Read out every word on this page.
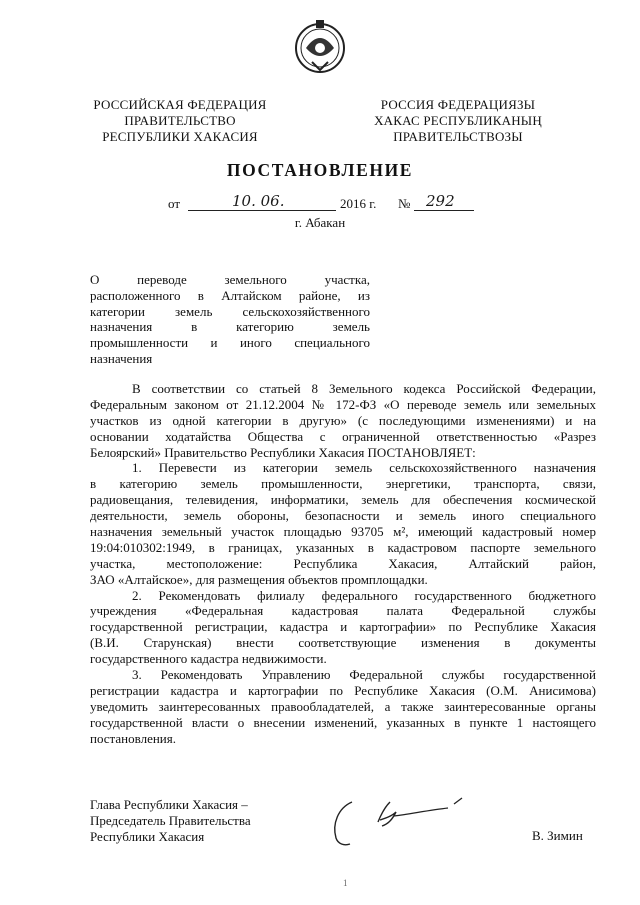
РОССИЙСКАЯ ФЕДЕРАЦИЯ
ПРАВИТЕЛЬСТВО
РЕСПУБЛИКИ ХАКАСИЯ
РОССИЯ ФЕДЕРАЦИЯЗЫ
ХАКАС РЕСПУБЛИКАНЫҢ
ПРАВИТЕЛЬСТВОЗЫ
ПОСТАНОВЛЕНИЕ
от	10. 06.	2016 г. № 292
г. Абакан
О переводе земельного участка,
расположенного в Алтайском районе, из
категории земель сельскохозяйственного
назначения в категорию земель
промышленности и иного специального
назначения
В соответствии со статьей 8 Земельного кодекса Российской Федерации,
Федеральным законом от 21.12.2004 № 172-ФЗ «О переводе земель или земельных
участков из одной категории в другую» (с последующими изменениями) и на
основании ходатайства Общества с ограниченной ответственностью «Разрез
Белоярский» Правительство Республики Хакасия ПОСТАНОВЛЯЕТ:
1. Перевести из категории земель сельскохозяйственного назначения
в категорию земель промышленности, энергетики, транспорта, связи,
радиовещания, телевидения, информатики, земель для обеспечения космической
деятельности, земель обороны, безопасности и земель иного специального
назначения земельный участок площадью 93705 м², имеющий кадастровый номер
19:04:010302:1949, в границах, указанных в кадастровом паспорте земельного
участка, местоположение: Республика Хакасия, Алтайский район,
ЗАО «Алтайское», для размещения объектов промплощадки.
2. Рекомендовать филиалу федерального государственного бюджетного
учреждения «Федеральная кадастровая палата Федеральной службы
государственной регистрации, кадастра и картографии» по Республике Хакасия
(В.И. Старунская) внести соответствующие изменения в документы
государственного кадастра недвижимости.
3. Рекомендовать Управлению Федеральной службы государственной
регистрации кадастра и картографии по Республике Хакасия (О.М. Анисимова)
уведомить заинтересованных правообладателей, а также заинтересованные органы
государственной власти о внесении изменений, указанных в пункте 1 настоящего
постановления.
Глава Республики Хакасия –
Председатель Правительства
Республики Хакасия	В. Зимин
1
